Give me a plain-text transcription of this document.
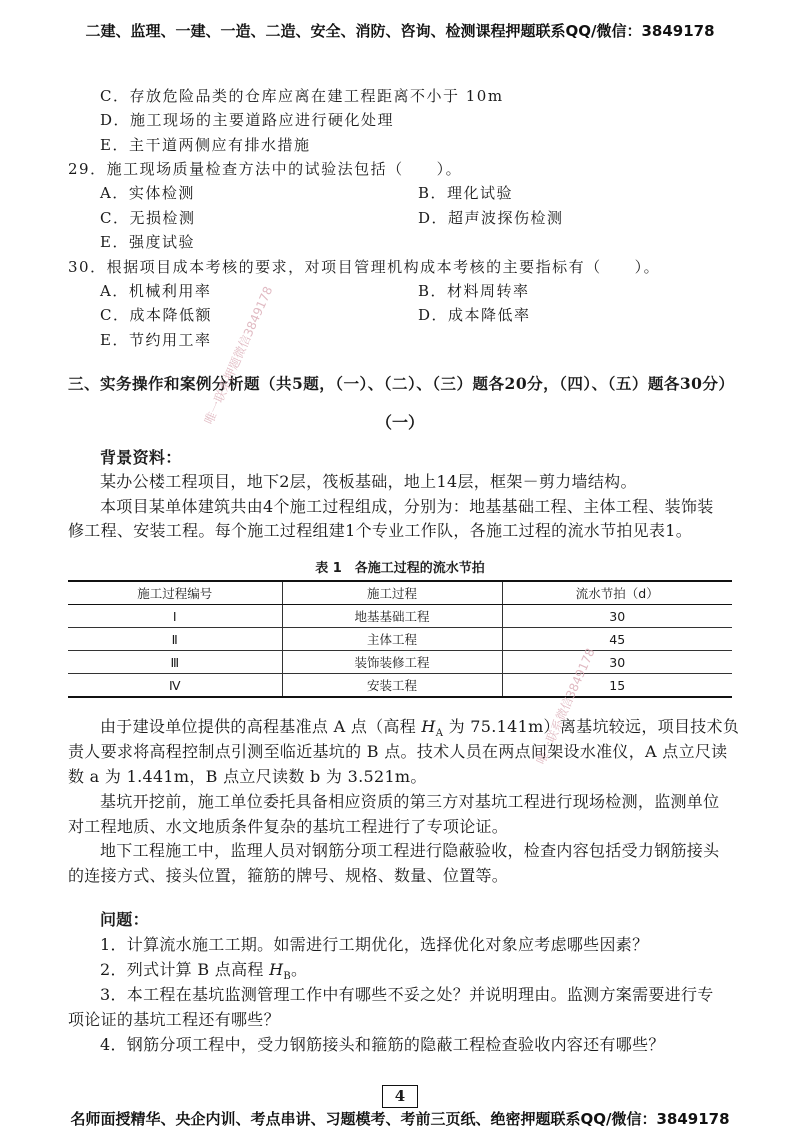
二建、监理、一建、一造、二造、安全、消防、咨询、检测课程押题联系QQ/微信：3849178
C．存放危险品类的仓库应离在建工程距离不小于 10m
D．施工现场的主要道路应进行硬化处理
E．主干道两侧应有排水措施
29．施工现场质量检查方法中的试验法包括（　　）。
A．实体检测	B．理化试验
C．无损检测	D．超声波探伤检测
E．强度试验
30．根据项目成本考核的要求，对项目管理机构成本考核的主要指标有（　　）。
A．机械利用率	B．材料周转率
C．成本降低额	D．成本降低率
E．节约用工率
三、实务操作和案例分析题（共5题，（一）、（二）、（三）题各20分，（四）、（五）题各30分）
（一）
背景资料：
某办公楼工程项目，地下2层，筏板基础，地上14层，框架－剪力墙结构。
本项目某单体建筑共由4个施工过程组成，分别为：地基基础工程、主体工程、装饰装
修工程、安装工程。每个施工过程组建1个专业工作队，各施工过程的流水节拍见表1。
表 1　各施工过程的流水节拍
施工过程编号	施工过程	流水节拍（d）
Ⅰ	地基基础工程	30
Ⅱ	主体工程	45
Ⅲ	装饰装修工程	30
Ⅳ	安装工程	15
由于建设单位提供的高程基准点 A 点（高程 $H_A$ 为 75.141m）离基坑较远，项目技术负
责人要求将高程控制点引测至临近基坑的 B 点。技术人员在两点间架设水准仪，A 点立尺读
数 a 为 1.441m，B 点立尺读数 b 为 3.521m。
基坑开挖前，施工单位委托具备相应资质的第三方对基坑工程进行现场检测，监测单位
对工程地质、水文地质条件复杂的基坑工程进行了专项论证。
地下工程施工中，监理人员对钢筋分项工程进行隐蔽验收，检查内容包括受力钢筋接头
的连接方式、接头位置，箍筋的牌号、规格、数量、位置等。
问题：
1．计算流水施工工期。如需进行工期优化，选择优化对象应考虑哪些因素？
2．列式计算 B 点高程 $H_B$。
3．本工程在基坑监测管理工作中有哪些不妥之处？并说明理由。监测方案需要进行专
项论证的基坑工程还有哪些？
4．钢筋分项工程中，受力钢筋接头和箍筋的隐蔽工程检查验收内容还有哪些？
唯一联系押题微信3849178
唯一联系微信3849178
4
名师面授精华、央企内训、考点串讲、习题模考、考前三页纸、绝密押题联系QQ/微信：3849178
